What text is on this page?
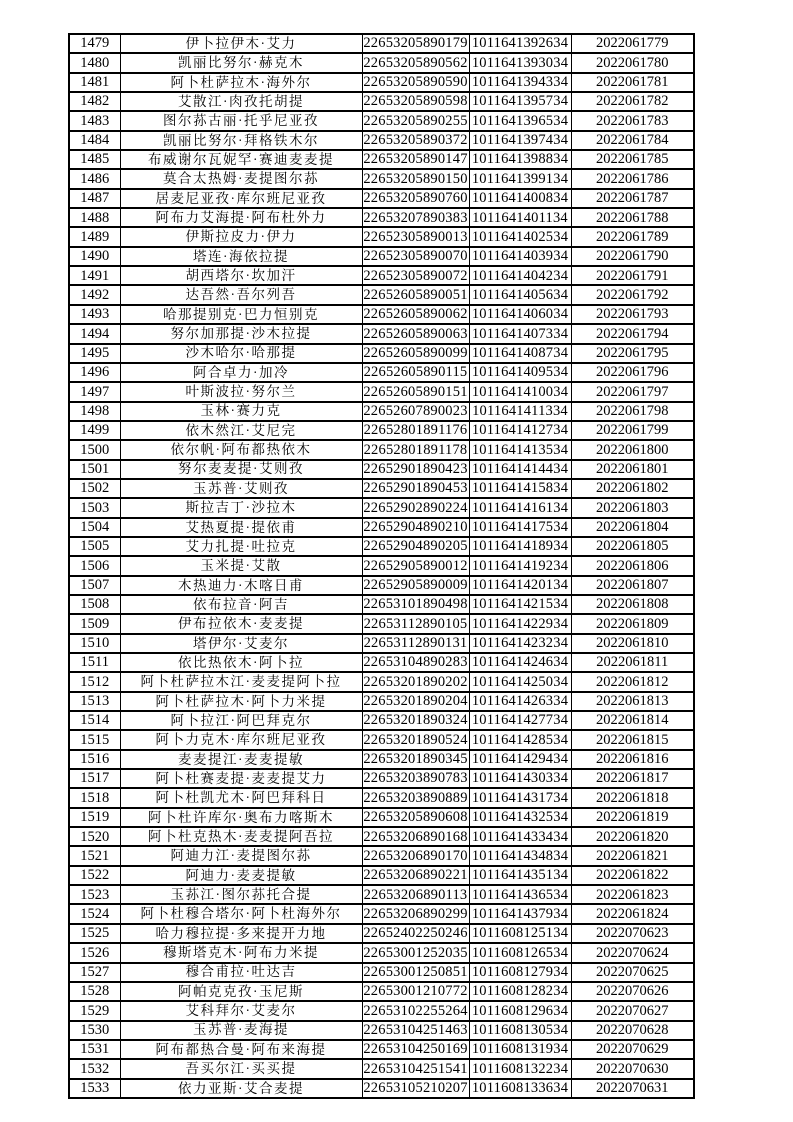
1479	伊卜拉伊木·艾力	22653205890179	1011641392634	2022061779
1480	凯丽比努尔·赫克木	22653205890562	1011641393034	2022061780
1481	阿卜杜萨拉木·海外尔	22653205890590	1011641394334	2022061781
1482	艾散江·肉孜托胡提	22653205890598	1011641395734	2022061782
1483	图尔荪古丽·托乎尼亚孜	22653205890255	1011641396534	2022061783
1484	凯丽比努尔·拜格铁木尔	22653205890372	1011641397434	2022061784
1485	布威谢尔瓦妮罕·赛迪麦麦提	22653205890147	1011641398834	2022061785
1486	莫合太热姆·麦提图尔荪	22653205890150	1011641399134	2022061786
1487	居麦尼亚孜·库尔班尼亚孜	22653205890760	1011641400834	2022061787
1488	阿布力艾海提·阿布杜外力	22653207890383	1011641401134	2022061788
1489	伊斯拉皮力·伊力	22652305890013	1011641402534	2022061789
1490	塔连·海依拉提	22652305890070	1011641403934	2022061790
1491	胡西塔尔·坎加汗	22652305890072	1011641404234	2022061791
1492	达吾然·吾尔列吾	22652605890051	1011641405634	2022061792
1493	哈那提别克·巴力恒别克	22652605890062	1011641406034	2022061793
1494	努尔加那提·沙木拉提	22652605890063	1011641407334	2022061794
1495	沙木哈尔·哈那提	22652605890099	1011641408734	2022061795
1496	阿合卓力·加冷	22652605890115	1011641409534	2022061796
1497	叶斯波拉·努尔兰	22652605890151	1011641410034	2022061797
1498	玉林·赛力克	22652607890023	1011641411334	2022061798
1499	依木然江·艾尼完	22652801891176	1011641412734	2022061799
1500	依尔帆·阿布都热依木	22652801891178	1011641413534	2022061800
1501	努尔麦麦提·艾则孜	22652901890423	1011641414434	2022061801
1502	玉苏普·艾则孜	22652901890453	1011641415834	2022061802
1503	斯拉吉丁·沙拉木	22652902890224	1011641416134	2022061803
1504	艾热夏提·提依甫	22652904890210	1011641417534	2022061804
1505	艾力扎提·吐拉克	22652904890205	1011641418934	2022061805
1506	玉米提·艾散	22652905890012	1011641419234	2022061806
1507	木热迪力·木喀日甫	22652905890009	1011641420134	2022061807
1508	依布拉音·阿吉	22653101890498	1011641421534	2022061808
1509	伊布拉依木·麦麦提	22653112890105	1011641422934	2022061809
1510	塔伊尔·艾麦尔	22653112890131	1011641423234	2022061810
1511	依比热依木·阿卜拉	22653104890283	1011641424634	2022061811
1512	阿卜杜萨拉木江·麦麦提阿卜拉	22653201890202	1011641425034	2022061812
1513	阿卜杜萨拉木·阿卜力米提	22653201890204	1011641426334	2022061813
1514	阿卜拉江·阿巴拜克尔	22653201890324	1011641427734	2022061814
1515	阿卜力克木·库尔班尼亚孜	22653201890524	1011641428534	2022061815
1516	麦麦提江·麦麦提敏	22653201890345	1011641429434	2022061816
1517	阿卜杜赛麦提·麦麦提艾力	22653203890783	1011641430334	2022061817
1518	阿卜杜凯尤木·阿巴拜科日	22653203890889	1011641431734	2022061818
1519	阿卜杜许库尔·奥布力喀斯木	22653205890608	1011641432534	2022061819
1520	阿卜杜克热木·麦麦提阿吾拉	22653206890168	1011641433434	2022061820
1521	阿迪力江·麦提图尔荪	22653206890170	1011641434834	2022061821
1522	阿迪力·麦麦提敏	22653206890221	1011641435134	2022061822
1523	玉荪江·图尔荪托合提	22653206890113	1011641436534	2022061823
1524	阿卜杜穆合塔尔·阿卜杜海外尔	22653206890299	1011641437934	2022061824
1525	哈力穆拉提·多来提开力地	22652402250246	1011608125134	2022070623
1526	穆斯塔克木·阿布力米提	22653001252035	1011608126534	2022070624
1527	穆合甫拉·吐达吉	22653001250851	1011608127934	2022070625
1528	阿帕克克孜·玉尼斯	22653001210772	1011608128234	2022070626
1529	艾科拜尔·艾麦尔	22653102255264	1011608129634	2022070627
1530	玉苏普·麦海提	22653104251463	1011608130534	2022070628
1531	阿布都热合曼·阿布来海提	22653104250169	1011608131934	2022070629
1532	吾买尔江·买买提	22653104251541	1011608132234	2022070630
1533	依力亚斯·艾合麦提	22653105210207	1011608133634	2022070631
